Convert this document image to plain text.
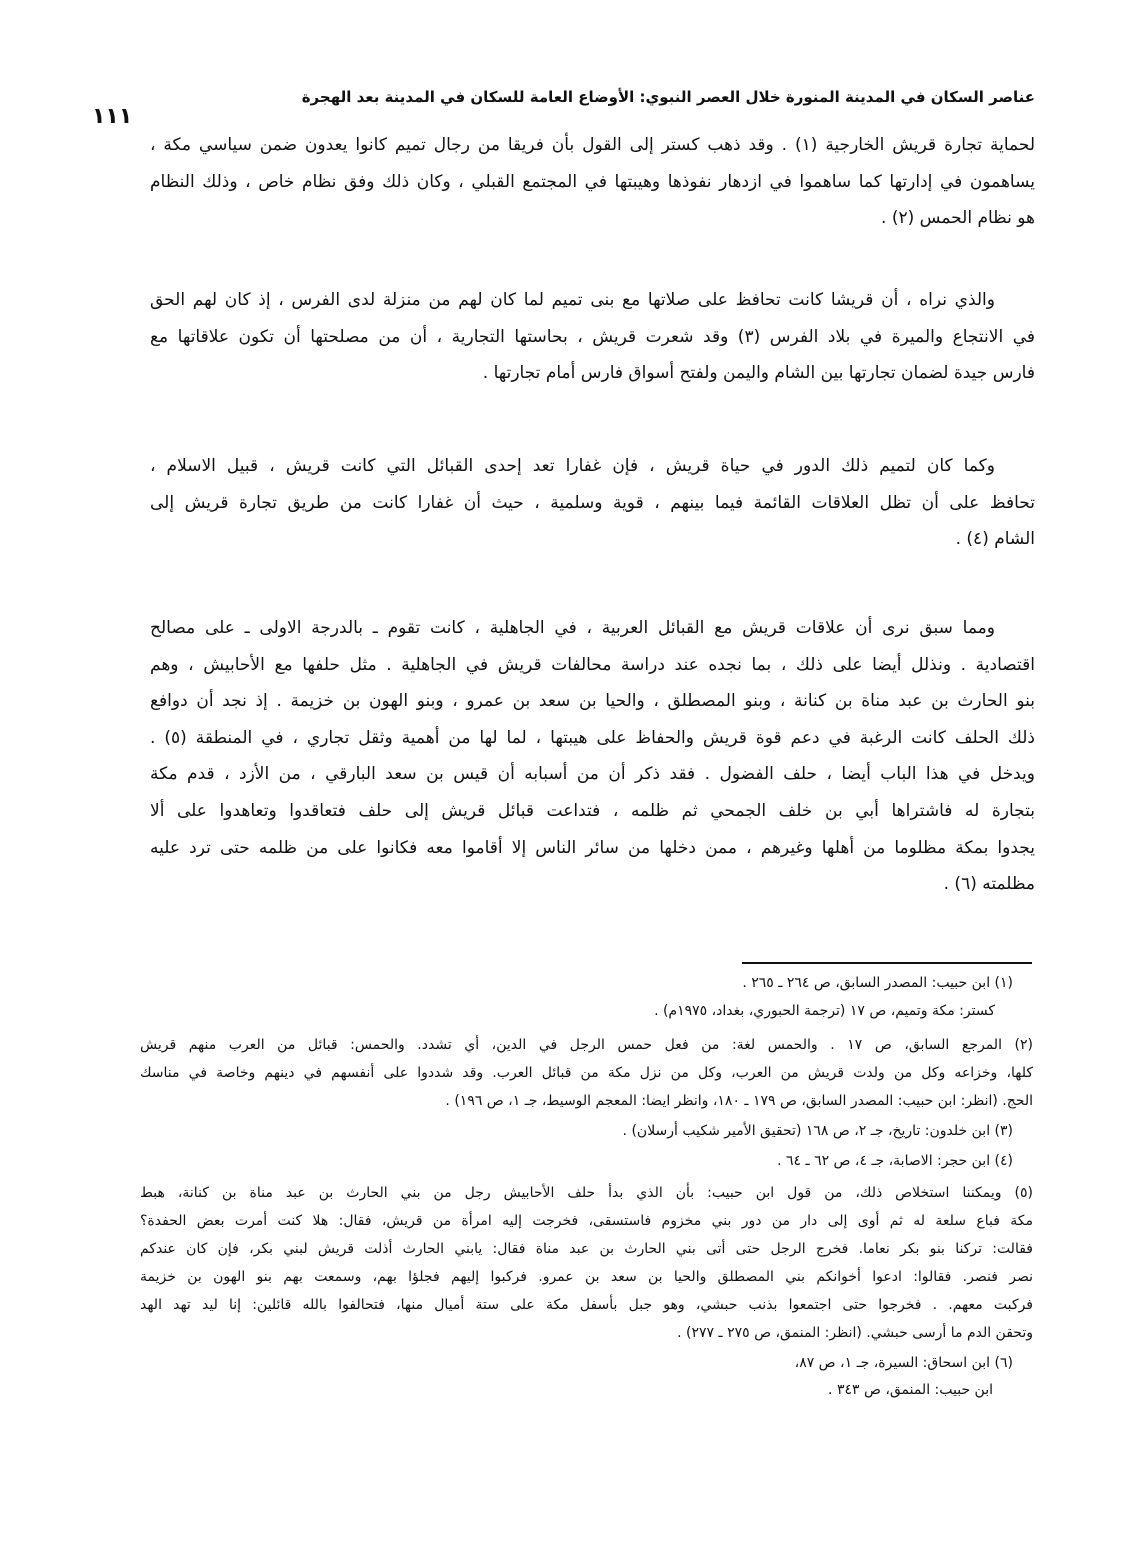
عناصر السكان في المدينة المنورة خلال العصر النبوي: الأوضاع العامة للسكان في المدينة بعد الهجرة
١١١
لحماية تجارة قريش الخارجية (١) . وقد ذهب كستر إلى القول بأن فريقا من رجال تميم كانوا يعدون ضمن سياسي مكة ،
يساهمون في إدارتها كما ساهموا في ازدهار نفوذها وهيبتها في المجتمع القبلي ، وكان ذلك وفق نظام خاص ، وذلك النظام
هو نظام الحمس (٢) .
والذي نراه ، أن قريشا كانت تحافظ على صلاتها مع بنى تميم لما كان لهم من منزلة لدى الفرس ، إذ كان لهم الحق
في الانتجاع والميرة في بلاد الفرس (٣) وقد شعرت قريش ، بحاستها التجارية ، أن من مصلحتها أن تكون علاقاتها مع
فارس جيدة لضمان تجارتها بين الشام واليمن ولفتح أسواق فارس أمام تجارتها .
وكما كان لتميم ذلك الدور في حياة قريش ، فإن غفارا تعد إحدى القبائل التي كانت قريش ، قبيل الاسلام ،
تحافظ على أن تظل العلاقات القائمة فيما بينهم ، قوية وسلمية ، حيث أن غفارا كانت من طريق تجارة قريش إلى
الشام (٤) .
ومما سبق نرى أن علاقات قريش مع القبائل العربية ، في الجاهلية ، كانت تقوم ـ بالدرجة الاولى ـ على مصالح
اقتصادية . ونذلل أيضا على ذلك ، بما نجده عند دراسة محالفات قريش في الجاهلية . مثل حلفها مع الأحابيش ، وهم
بنو الحارث بن عبد مناة بن كنانة ، وبنو المصطلق ، والحيا بن سعد بن عمرو ، وبنو الهون بن خزيمة . إذ نجد أن دوافع
ذلك الحلف كانت الرغبة في دعم قوة قريش والحفاظ على هيبتها ، لما لها من أهمية وثقل تجاري ، في المنطقة (٥) .
ويدخل في هذا الباب أيضا ، حلف الفضول . فقد ذكر أن من أسبابه أن قيس بن سعد البارقي ، من الأزد ، قدم مكة
بتجارة له فاشتراها أبي بن خلف الجمحي ثم ظلمه ، فتداعت قبائل قريش إلى حلف فتعاقدوا وتعاهدوا على ألا
يجدوا بمكة مظلوما من أهلها وغيرهم ، ممن دخلها من سائر الناس إلا أقاموا معه فكانوا على من ظلمه حتى ترد عليه
مظلمته (٦) .
(١) ابن حبيب: المصدر السابق، ص ٢٦٤ ـ ٢٦٥ .
كستر: مكة وتميم، ص ١٧ (ترجمة الحبوري، بغداد، ١٩٧٥م) .
(٢) المرجع السابق، ص ١٧ . والحمس لغة: من فعل حمس الرجل في الدين، أي تشدد. والحمس: قبائل من العرب منهم قريش
كلها، وخزاعه وكل من ولدت قريش من العرب، وكل من نزل مكة من قبائل العرب. وقد شددوا على أنفسهم في دينهم وخاصة في مناسك
الحج. (انظر: ابن حبيب: المصدر السابق، ص ١٧٩ ـ ١٨٠، وانظر ايضا: المعجم الوسيط، جـ ١، ص ١٩٦) .
(٣) ابن خلدون: تاريخ، جـ ٢، ص ١٦٨ (تحقيق الأمير شكيب أرسلان) .
(٤) ابن حجر: الاصابة، جـ ٤، ص ٦٢ ـ ٦٤ .
(٥) ويمكننا استخلاص ذلك، من قول ابن حبيب: بأن الذي بدأ حلف الأحابيش رجل من بني الحارث بن عبد مناة بن كنانة، هبط
مكة فباع سلعة له ثم أوى إلى دار من دور بني مخزوم فاستسقى، فخرجت إليه امرأة من قريش، فقال: هلا كنت أمرت بعض الحفدة؟
فقالت: تركنا بنو بكر نعاما. فخرج الرجل حتى أتى بني الحارث بن عبد مناة فقال: يابني الحارث أذلت قريش لبني بكر، فإن كان عندكم
نصر فنصر. فقالوا: ادعوا أخوانكم بني المصطلق والحيا بن سعد بن عمرو. فركبوا إليهم فجلؤا بهم، وسمعت بهم بنو الهون بن خزيمة
فركبت معهم. . فخرجوا حتى اجتمعوا بذنب حبشي، وهو جبل بأسفل مكة على ستة أميال منها، فتحالفوا بالله قائلين: إنا ليد تهد الهد
وتحقن الدم ما أرسى حبشي. (انظر: المنمق، ص ٢٧٥ ـ ٢٧٧) .
(٦) ابن اسحاق: السيرة، جـ ١، ص ٨٧،
ابن حبيب: المنمق، ص ٣٤٣ .
